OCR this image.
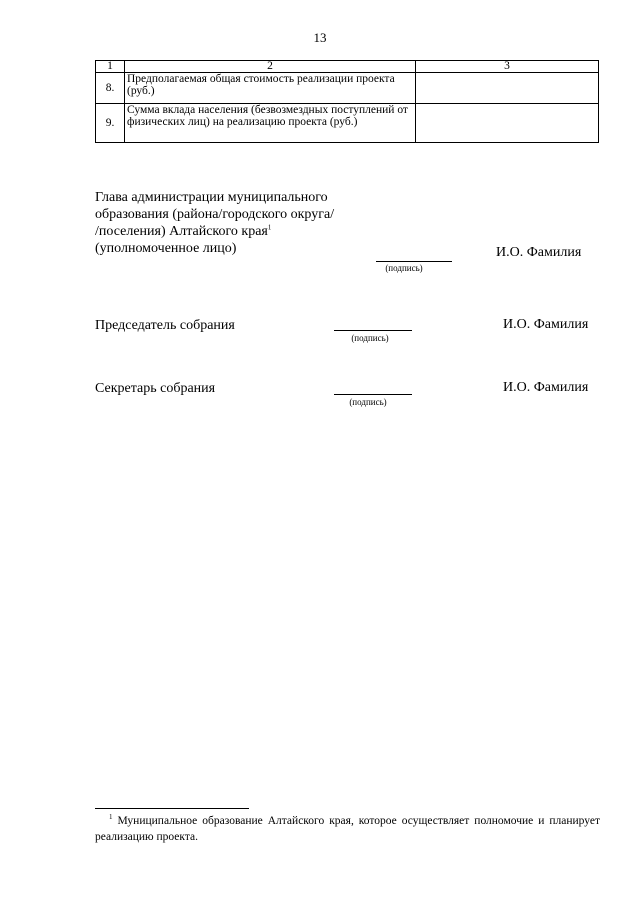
13
1	2	3
8.	Предполагаемая общая стоимость реализации проекта (руб.)	
9.	Сумма вклада населения (безвозмездных поступлений от физических лиц) на реализацию проекта (руб.)	
Глава администрации муниципального
образования (района/городского округа/
/поселения) Алтайского края$^1$
(уполномоченное лицо)
(подпись)
И.О. Фамилия
Председатель собрания
(подпись)
И.О. Фамилия
Секретарь собрания
(подпись)
И.О. Фамилия
$^1$ Муниципальное образование Алтайского края, которое осуществляет полномочие и планирует реализацию проекта.
